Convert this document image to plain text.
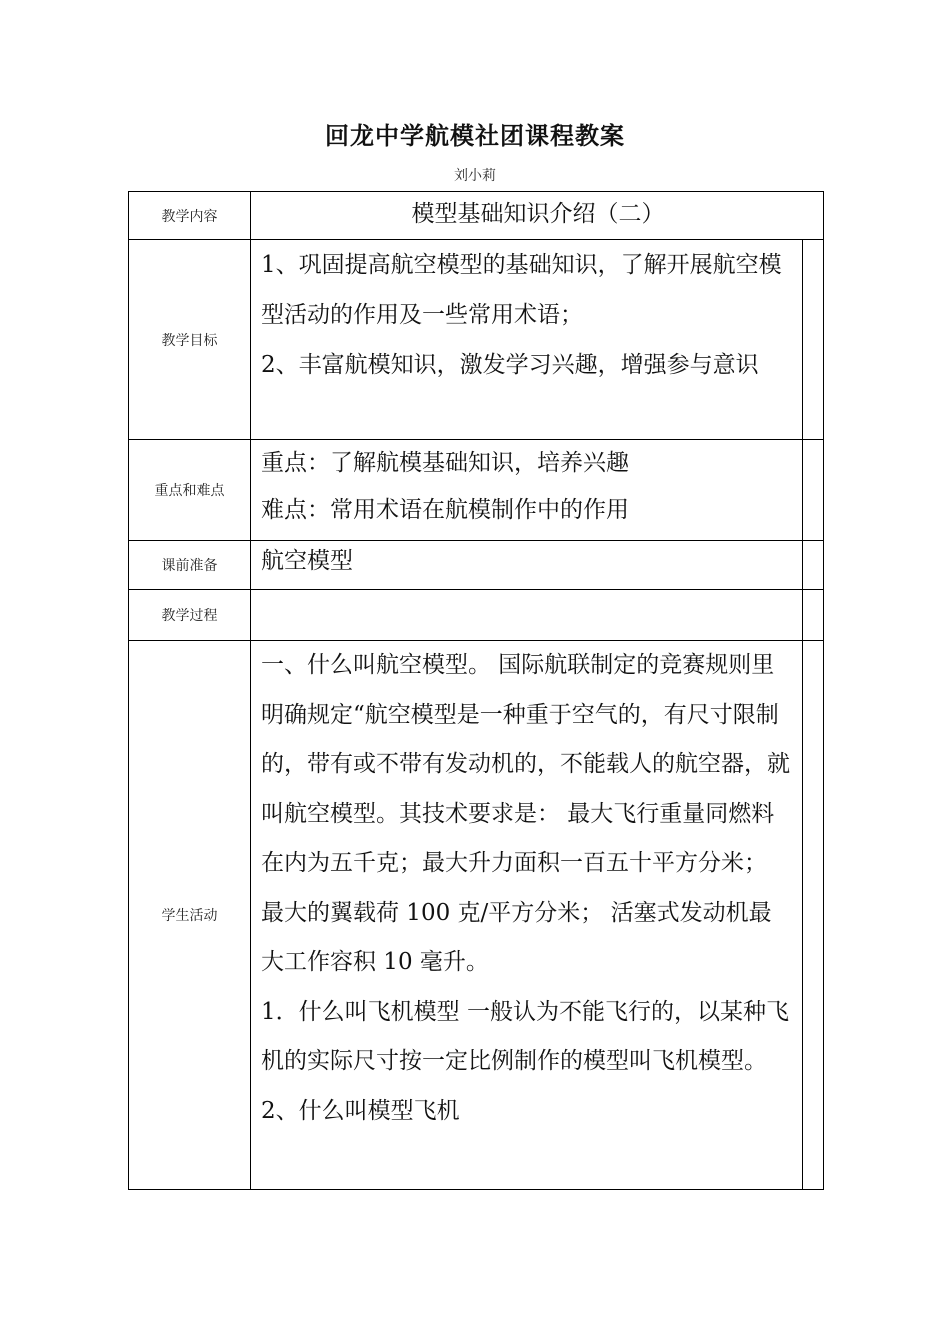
回龙中学航模社团课程教案
刘小莉
教学内容	模型基础知识介绍（二）	

教学目标	1、巩固提高航空模型的基础知识，了解开展航空模型活动的作用及一些常用术语；

2、丰富航模知识，激发学习兴趣，增强参与意识	

重点和难点	重点：了解航模基础知识，培养兴趣

难点：常用术语在航模制作中的作用	

课前准备	航空模型	

教学过程		
学生活动	一、什么叫航空模型。 国际航联制定的竞赛规则里明确规定“航空模型是一种重于空气的，有尺寸限制的，带有或不带有发动机的，不能载人的航空器，就叫航空模型。其技术要求是： 最大飞行重量同燃料在内为五千克；最大升力面积一百五十平方分米； 最大的翼载荷 100 克/平方分米； 活塞式发动机最大工作容积 10 毫升。

1．什么叫飞机模型 一般认为不能飞行的，以某种飞机的实际尺寸按一定比例制作的模型叫飞机模型。

2、什么叫模型飞机	
